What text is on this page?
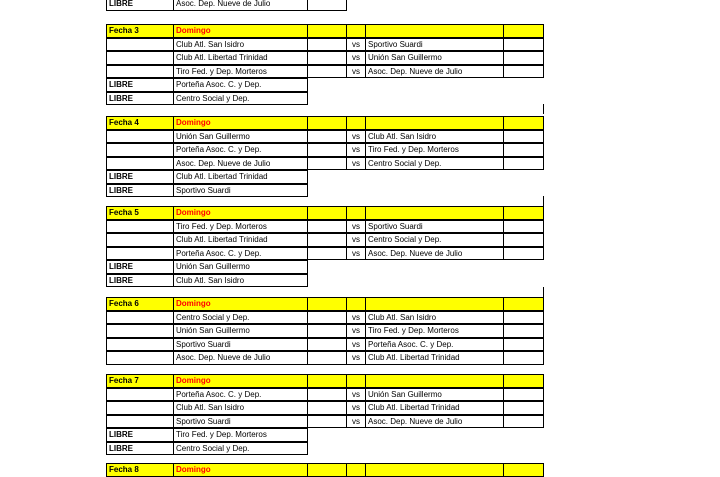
LIBRE	Asoc. Dep. Nueve de Julio
Fecha 3	Domingo
Club Atl. San Isidro	vs	Sportivo Suardi
Club Atl. Libertad Trinidad	vs	Unión San Guillermo
Tiro Fed. y Dep. Morteros	vs	Asoc. Dep. Nueve de Julio
LIBRE	Porteña Asoc. C. y Dep.
LIBRE	Centro Social y Dep.
Fecha 4	Domingo
Unión San Guillermo	vs	Club Atl. San Isidro
Porteña Asoc. C. y Dep.	vs	Tiro Fed. y Dep. Morteros
Asoc. Dep. Nueve de Julio	vs	Centro Social y Dep.
LIBRE	Club Atl. Libertad Trinidad
LIBRE	Sportivo Suardi
Fecha 5	Domingo
Tiro Fed. y Dep. Morteros	vs	Sportivo Suardi
Club Atl. Libertad Trinidad	vs	Centro Social y Dep.
Porteña Asoc. C. y Dep.	vs	Asoc. Dep. Nueve de Julio
LIBRE	Unión San Guillermo
LIBRE	Club Atl. San Isidro
Fecha 6	Domingo
Centro Social y Dep.	vs	Club Atl. San Isidro
Unión San Guillermo	vs	Tiro Fed. y Dep. Morteros
Sportivo Suardi	vs	Porteña Asoc. C. y Dep.
Asoc. Dep. Nueve de Julio	vs	Club Atl. Libertad Trinidad
Fecha 7	Domingo
Porteña Asoc. C. y Dep.	vs	Unión San Guillermo
Club Atl. San Isidro	vs	Club Atl. Libertad Trinidad
Sportivo Suardi	vs	Asoc. Dep. Nueve de Julio
LIBRE	Tiro Fed. y Dep. Morteros
LIBRE	Centro Social y Dep.
Fecha 8	Domingo
